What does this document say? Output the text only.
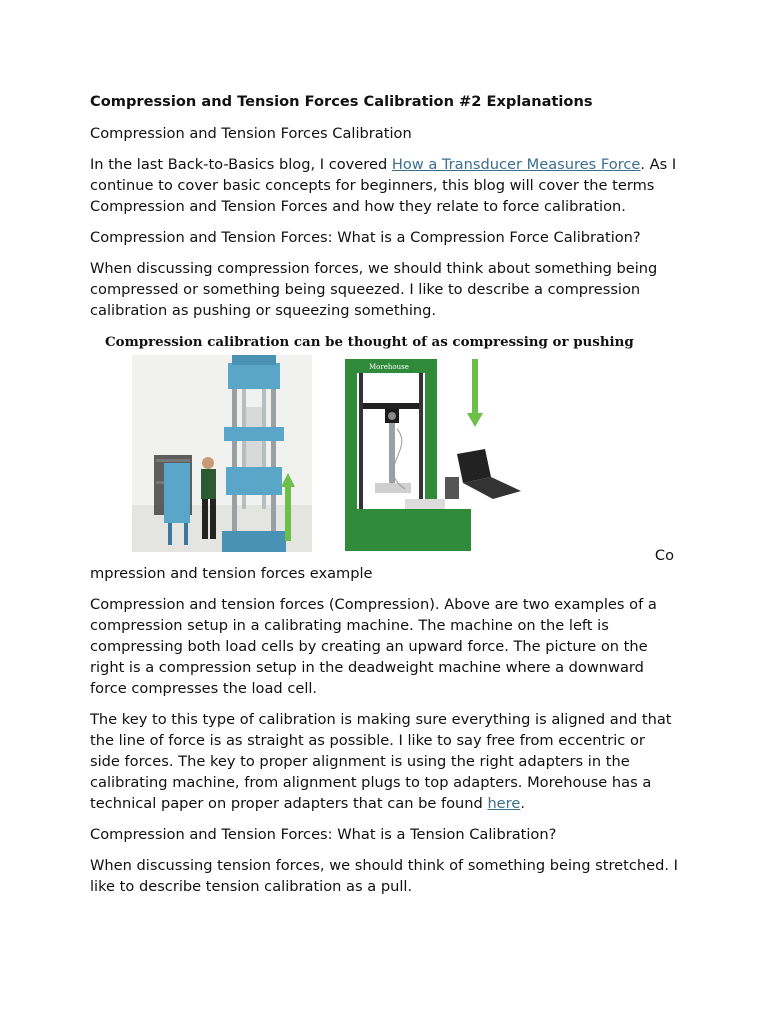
Compression and Tension Forces Calibration #2 Explanations

Compression and Tension Forces Calibration

In the last Back-to-Basics blog, I covered How a Transducer Measures Force. As I continue to cover basic concepts for beginners, this blog will cover the terms Compression and Tension Forces and how they relate to force calibration.

Compression and Tension Forces: What is a Compression Force Calibration?

When discussing compression forces, we should think about something being compressed or something being squeezed. I like to describe a compression calibration as pushing or squeezing something.

Compression calibration can be thought of as compressing or pushing
Morehouse
Co

mpression and tension forces example

Compression and tension forces (Compression). Above are two examples of a compression setup in a calibrating machine. The machine on the left is compressing both load cells by creating an upward force. The picture on the right is a compression setup in the deadweight machine where a downward force compresses the load cell.

The key to this type of calibration is making sure everything is aligned and that the line of force is as straight as possible. I like to say free from eccentric or side forces. The key to proper alignment is using the right adapters in the calibrating machine, from alignment plugs to top adapters. Morehouse has a technical paper on proper adapters that can be found here.

Compression and Tension Forces: What is a Tension Calibration?

When discussing tension forces, we should think of something being stretched. I like to describe tension calibration as a pull.
